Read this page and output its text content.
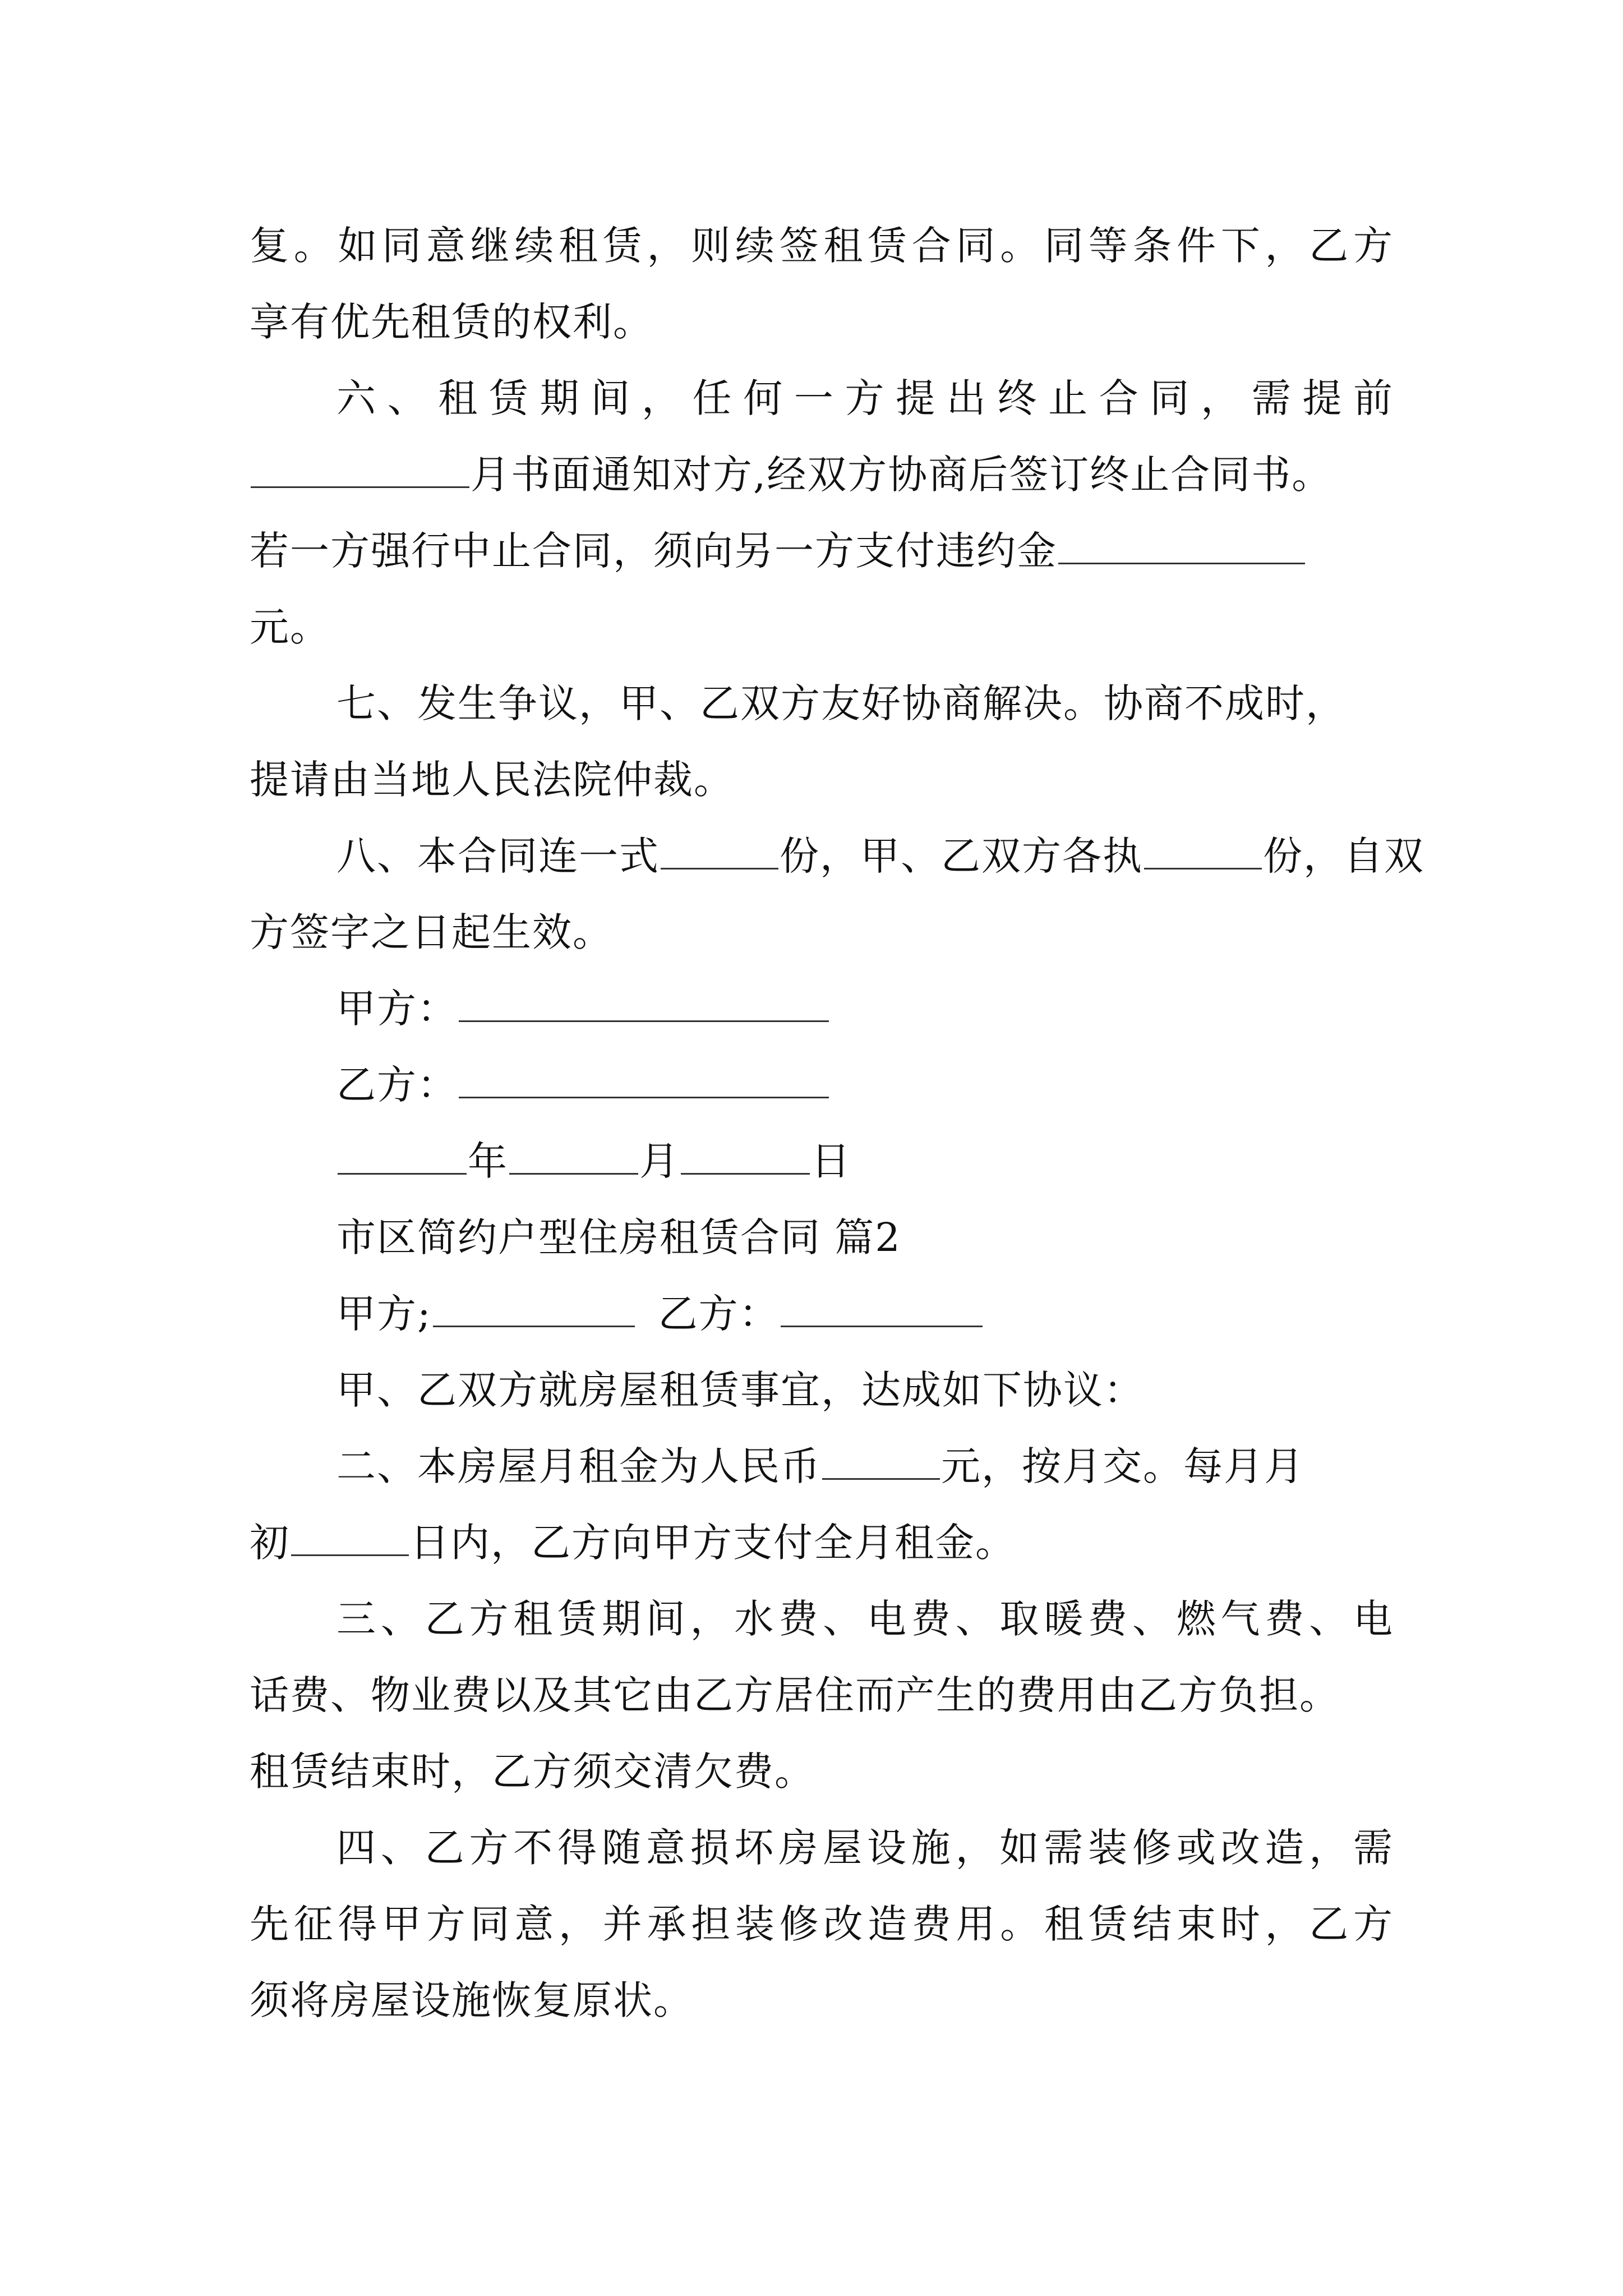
复。如同意继续租赁，则续签租赁合同。同等条件下，乙方
享有优先租赁的权利。
六、租赁期间，任何一方提出终止合同，需提前
月书面通知对方,经双方协商后签订终止合同书。
若一方强行中止合同，须向另一方支付违约金
元。
七、发生争议，甲、乙双方友好协商解决。协商不成时，
提请由当地人民法院仲裁。
八、本合同连一式	份，甲、乙双方各执	份，自双
方签字之日起生效。
甲方：
乙方：
年	月	日
市区简约户型住房租赁合同 篇2
甲方;	乙方：
甲、乙双方就房屋租赁事宜，达成如下协议：
二、本房屋月租金为人民币	元，按月交。每月月
初	日内，乙方向甲方支付全月租金。
三、乙方租赁期间，水费、电费、取暖费、燃气费、电
话费、物业费以及其它由乙方居住而产生的费用由乙方负担。
租赁结束时，乙方须交清欠费。
四、乙方不得随意损坏房屋设施，如需装修或改造，需
先征得甲方同意，并承担装修改造费用。租赁结束时，乙方
须将房屋设施恢复原状。
